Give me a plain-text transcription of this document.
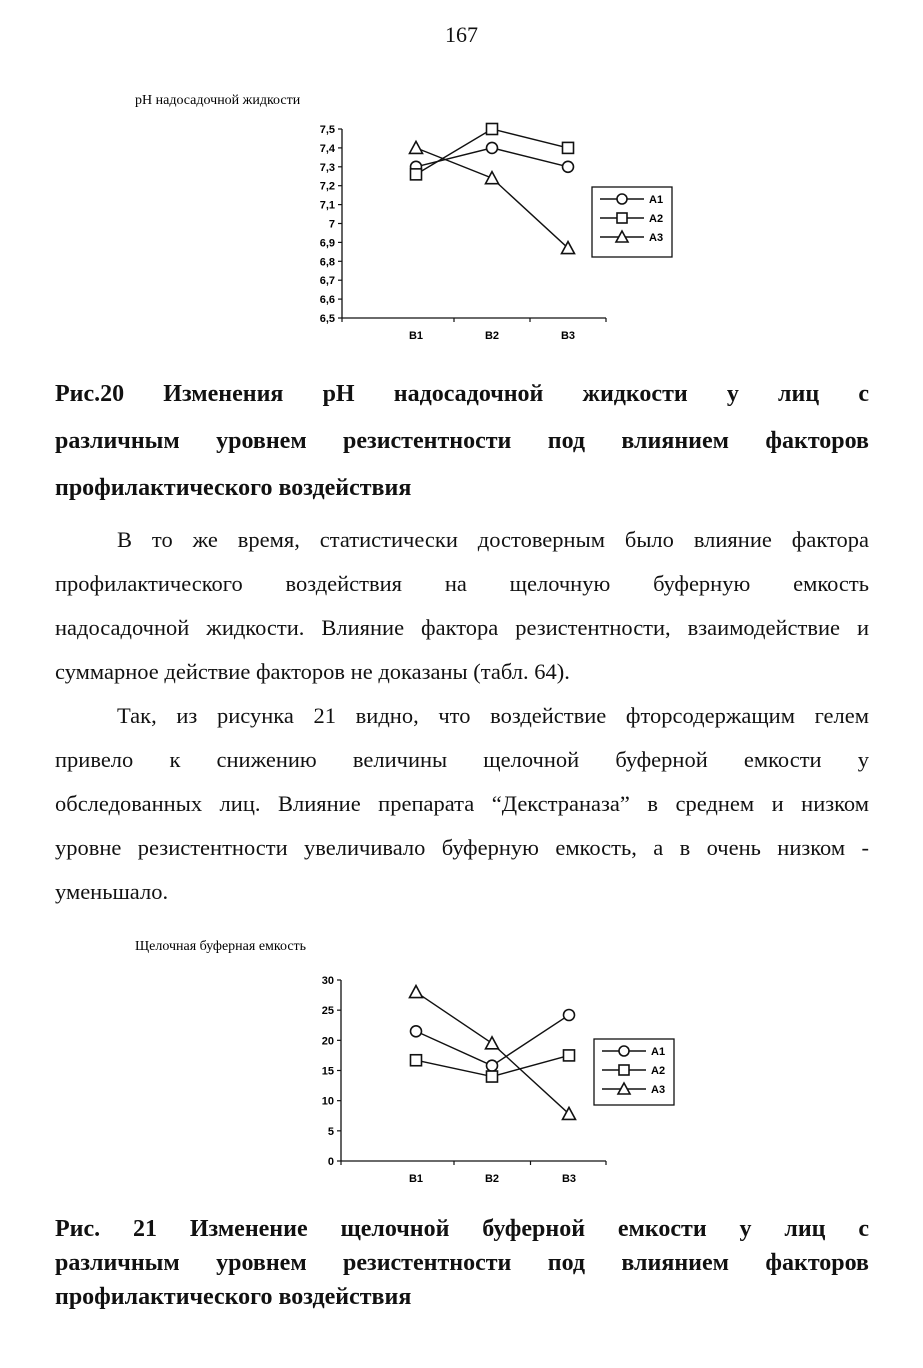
167
рН надосадочной жидкости
7,5
7,4
7,3
7,2
7,1
7
6,9
6,8
6,7
6,6
6,5
В1	В2	В3
А1
А2
А3
Рис.20 Изменения рН надосадочной жидкости у лиц с
различным уровнем резистентности под влиянием факторов
профилактического воздействия
В то же время, статистически достоверным было влияние фактора
профилактического воздействия на щелочную буферную емкость
надосадочной жидкости. Влияние фактора резистентности, взаимодействие и
суммарное действие факторов не доказаны (табл. 64).
Так, из рисунка 21 видно, что воздействие фторсодержащим гелем
привело к снижению величины щелочной буферной емкости у
обследованных лиц. Влияние препарата “Декстраназа” в среднем и низком
уровне резистентности увеличивало буферную емкость, а в очень низком -
уменьшало.
Щелочная буферная емкость
30
25
20
15
10
5
0
В1	В2	В3
А1
А2
А3
Рис. 21 Изменение щелочной буферной емкости у лиц с
различным уровнем резистентности под влиянием факторов
профилактического воздействия
